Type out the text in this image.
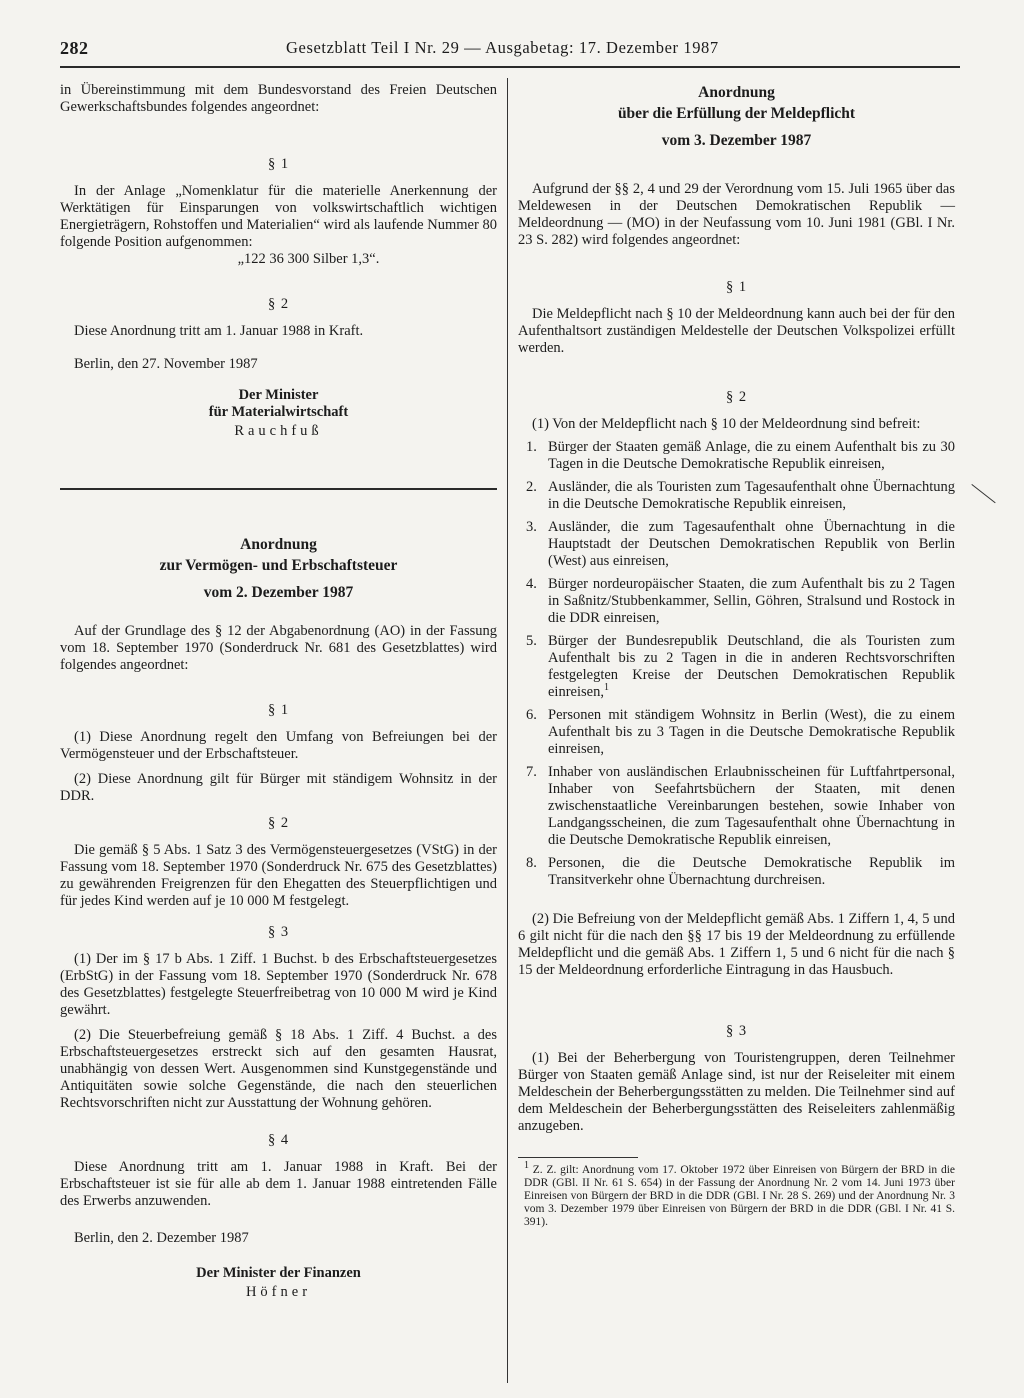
282	Gesetzblatt Teil I Nr. 29 — Ausgabetag: 17. Dezember 1987

in Übereinstimmung mit dem Bundesvorstand des Freien Deutschen Gewerkschaftsbundes folgendes angeordnet:

§ 1

In der Anlage „Nomenklatur für die materielle Anerkennung der Werktätigen für Einsparungen von volkswirtschaftlich wichtigen Energieträgern, Rohstoffen und Materialien“ wird als laufende Nummer 80 folgende Position aufgenommen:

„122 36 300 Silber 1,3“.

§ 2

Diese Anordnung tritt am 1. Januar 1988 in Kraft.

Berlin, den 27. November 1987

Der Minister
für Materialwirtschaft
Rauchfuß
Anordnung
zur Vermögen- und Erbschaftsteuer
vom 2. Dezember 1987

Auf der Grundlage des § 12 der Abgabenordnung (AO) in der Fassung vom 18. September 1970 (Sonderdruck Nr. 681 des Gesetzblattes) wird folgendes angeordnet:

§ 1

(1) Diese Anordnung regelt den Umfang von Befreiungen bei der Vermögensteuer und der Erbschaftsteuer.

(2) Diese Anordnung gilt für Bürger mit ständigem Wohnsitz in der DDR.

§ 2

Die gemäß § 5 Abs. 1 Satz 3 des Vermögensteuergesetzes (VStG) in der Fassung vom 18. September 1970 (Sonderdruck Nr. 675 des Gesetzblattes) zu gewährenden Freigrenzen für den Ehegatten des Steuerpflichtigen und für jedes Kind werden auf je 10 000 M festgelegt.

§ 3

(1) Der im § 17 b Abs. 1 Ziff. 1 Buchst. b des Erbschaftsteuergesetzes (ErbStG) in der Fassung vom 18. September 1970 (Sonderdruck Nr. 678 des Gesetzblattes) festgelegte Steuerfreibetrag von 10 000 M wird je Kind gewährt.

(2) Die Steuerbefreiung gemäß § 18 Abs. 1 Ziff. 4 Buchst. a des Erbschaftsteuergesetzes erstreckt sich auf den gesamten Hausrat, unabhängig von dessen Wert. Ausgenommen sind Kunstgegenstände und Antiquitäten sowie solche Gegenstände, die nach den steuerlichen Rechtsvorschriften nicht zur Ausstattung der Wohnung gehören.

§ 4

Diese Anordnung tritt am 1. Januar 1988 in Kraft. Bei der Erbschaftsteuer ist sie für alle ab dem 1. Januar 1988 eintretenden Fälle des Erwerbs anzuwenden.

Berlin, den 2. Dezember 1987

Der Minister der Finanzen
Höfner
Anordnung
über die Erfüllung der Meldepflicht
vom 3. Dezember 1987

Aufgrund der §§ 2, 4 und 29 der Verordnung vom 15. Juli 1965 über das Meldewesen in der Deutschen Demokratischen Republik — Meldeordnung — (MO) in der Neufassung vom 10. Juni 1981 (GBl. I Nr. 23 S. 282) wird folgendes angeordnet:

§ 1

Die Meldepflicht nach § 10 der Meldeordnung kann auch bei der für den Aufenthaltsort zuständigen Meldestelle der Deutschen Volkspolizei erfüllt werden.

§ 2

(1) Von der Meldepflicht nach § 10 der Meldeordnung sind befreit:

1. Bürger der Staaten gemäß Anlage, die zu einem Aufenthalt bis zu 30 Tagen in die Deutsche Demokratische Republik einreisen,
2. Ausländer, die als Touristen zum Tagesaufenthalt ohne Übernachtung in die Deutsche Demokratische Republik einreisen,
3. Ausländer, die zum Tagesaufenthalt ohne Übernachtung in die Hauptstadt der Deutschen Demokratischen Republik von Berlin (West) aus einreisen,
4. Bürger nordeuropäischer Staaten, die zum Aufenthalt bis zu 2 Tagen in Saßnitz/Stubbenkammer, Sellin, Göhren, Stralsund und Rostock in die DDR einreisen,
5. Bürger der Bundesrepublik Deutschland, die als Touristen zum Aufenthalt bis zu 2 Tagen in die in anderen Rechtsvorschriften festgelegten Kreise der Deutschen Demokratischen Republik einreisen,$^1$
6. Personen mit ständigem Wohnsitz in Berlin (West), die zu einem Aufenthalt bis zu 3 Tagen in die Deutsche Demokratische Republik einreisen,
7. Inhaber von ausländischen Erlaubnisscheinen für Luftfahrtpersonal, Inhaber von Seefahrtsbüchern der Staaten, mit denen zwischenstaatliche Vereinbarungen bestehen, sowie Inhaber von Landgangsscheinen, die zum Tagesaufenthalt ohne Übernachtung in die Deutsche Demokratische Republik einreisen,
8. Personen, die die Deutsche Demokratische Republik im Transitverkehr ohne Übernachtung durchreisen.

(2) Die Befreiung von der Meldepflicht gemäß Abs. 1 Ziffern 1, 4, 5 und 6 gilt nicht für die nach den §§ 17 bis 19 der Meldeordnung zu erfüllende Meldepflicht und die gemäß Abs. 1 Ziffern 1, 5 und 6 nicht für die nach § 15 der Meldeordnung erforderliche Eintragung in das Hausbuch.

§ 3

(1) Bei der Beherbergung von Touristengruppen, deren Teilnehmer Bürger von Staaten gemäß Anlage sind, ist nur der Reiseleiter mit einem Meldeschein der Beherbergungsstätten zu melden. Die Teilnehmer sind auf dem Meldeschein der Beherbergungsstätten des Reiseleiters zahlenmäßig anzugeben.

$^1$ Z. Z. gilt: Anordnung vom 17. Oktober 1972 über Einreisen von Bürgern der BRD in die DDR (GBl. II Nr. 61 S. 654) in der Fassung der Anordnung Nr. 2 vom 14. Juni 1973 über Einreisen von Bürgern der BRD in die DDR (GBl. I Nr. 28 S. 269) und der Anordnung Nr. 3 vom 3. Dezember 1979 über Einreisen von Bürgern der BRD in die DDR (GBl. I Nr. 41 S. 391).
